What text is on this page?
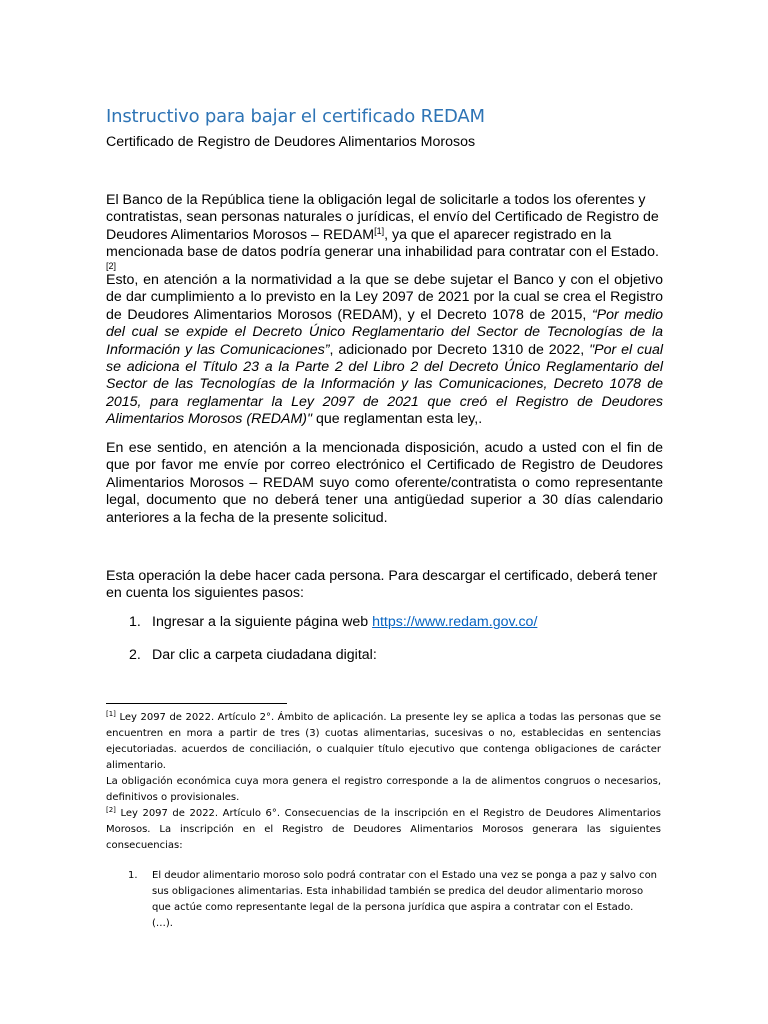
Instructivo para bajar el certificado REDAM

Certificado de Registro de Deudores Alimentarios Morosos

El Banco de la República tiene la obligación legal de solicitarle a todos los oferentes y contratistas, sean personas naturales o jurídicas, el envío del Certificado de Registro de Deudores Alimentarios Morosos – REDAM[1], ya que el aparecer registrado en la mencionada base de datos podría generar una inhabilidad para contratar con el Estado.[2]

Esto, en atención a la normatividad a la que se debe sujetar el Banco y con el objetivo de dar cumplimiento a lo previsto en la Ley 2097 de 2021 por la cual se crea el Registro de Deudores Alimentarios Morosos (REDAM), y el Decreto 1078 de 2015, “Por medio del cual se expide el Decreto Único Reglamentario del Sector de Tecnologías de la Información y las Comunicaciones”, adicionado por Decreto 1310 de 2022, "Por el cual se adiciona el Título 23 a la Parte 2 del Libro 2 del Decreto Único Reglamentario del Sector de las Tecnologías de la Información y las Comunicaciones, Decreto 1078 de 2015, para reglamentar la Ley 2097 de 2021 que creó el Registro de Deudores Alimentarios Morosos (REDAM)" que reglamentan esta ley,.

En ese sentido, en atención a la mencionada disposición, acudo a usted con el fin de que por favor me envíe por correo electrónico el Certificado de Registro de Deudores Alimentarios Morosos – REDAM suyo como oferente/contratista o como representante legal, documento que no deberá tener una antigüedad superior a 30 días calendario anteriores a la fecha de la presente solicitud.

Esta operación la debe hacer cada persona. Para descargar el certificado, deberá tener en cuenta los siguientes pasos:

1. Ingresar a la siguiente página web https://www.redam.gov.co/

2. Dar clic a carpeta ciudadana digital:

[1] Ley 2097 de 2022. Artículo 2°. Ámbito de aplicación. La presente ley se aplica a todas las personas que se encuentren en mora a partir de tres (3) cuotas alimentarias, sucesivas o no, establecidas en sentencias ejecutoriadas. acuerdos de conciliación, o cualquier título ejecutivo que contenga obligaciones de carácter alimentario.

La obligación económica cuya mora genera el registro corresponde a la de alimentos congruos o necesarios, definitivos o provisionales.

[2] Ley 2097 de 2022. Artículo 6°. Consecuencias de la inscripción en el Registro de Deudores Alimentarios Morosos. La inscripción en el Registro de Deudores Alimentarios Morosos generara las siguientes consecuencias:

1.	El deudor alimentario moroso solo podrá contratar con el Estado una vez se ponga a paz y salvo con sus obligaciones alimentarias. Esta inhabilidad también se predica del deudor alimentario moroso que actúe como representante legal de la persona jurídica que aspira a contratar con el Estado.
(…).
